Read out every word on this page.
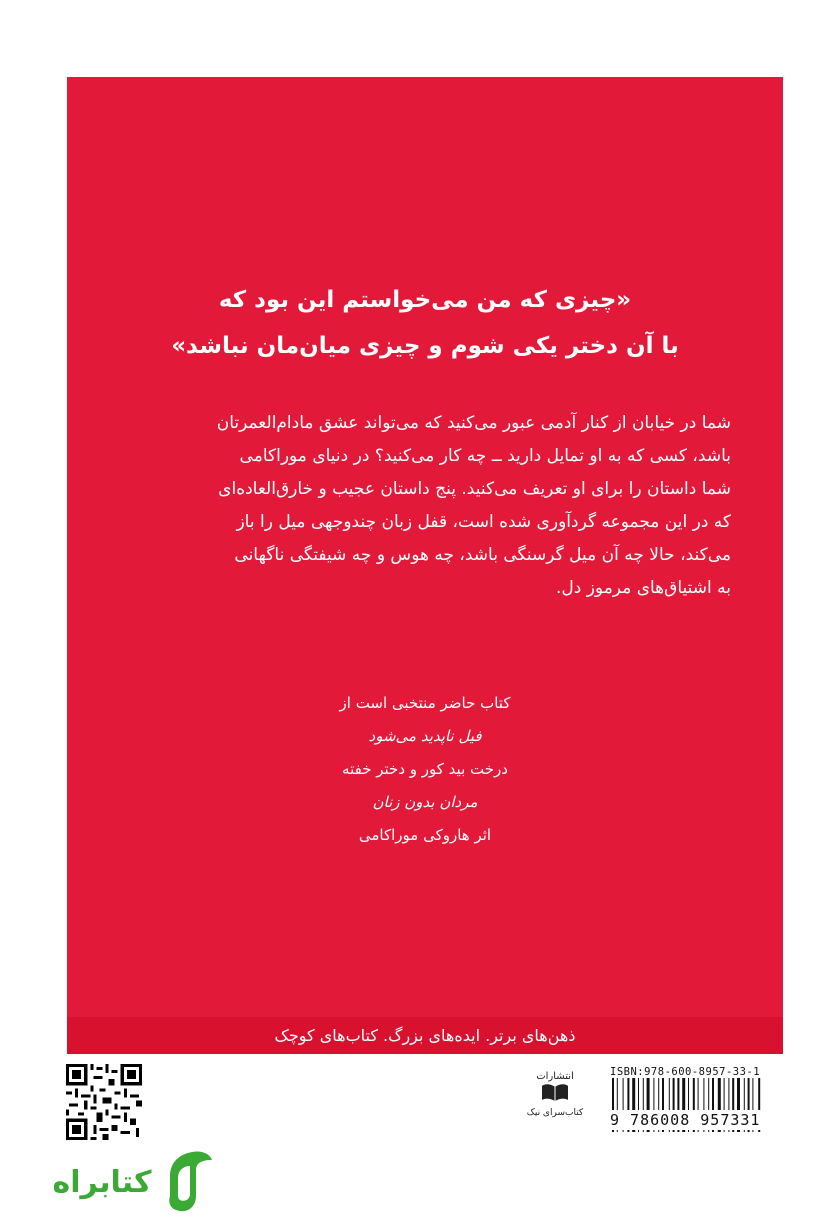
«چیزی که من می‌خواستم این بود که
با آن دختر یکی شوم و چیزی میان‌مان نباشد»
شما در خیابان از کنار آدمی عبور می‌کنید که می‌تواند عشق مادام‌العمرتان
باشد، کسی که به او تمایل دارید ــ چه کار می‌کنید؟ در دنیای موراکامی
شما داستان را برای او تعریف می‌کنید. پنج داستان عجیب و خارق‌العاده‌ای
که در این مجموعه گردآوری شده است، قفل زبان چندوجهی میل را باز
می‌کند، حالا چه آن میل گرسنگی باشد، چه هوس و چه شیفتگی ناگهانی
به اشتیاق‌های مرموز دل.
کتاب حاضر منتخبی است از
فیل ناپدید می‌شود
درخت بید کور و دختر خفته
مردان بدون زنان
اثر هاروکی موراکامی
ذهن‌های برتر. ایده‌های بزرگ. کتاب‌های کوچک
کتابراه
انتشارات
کتاب‌سرای نیک
ISBN:978-600-8957-33-1
9 786008 957331
